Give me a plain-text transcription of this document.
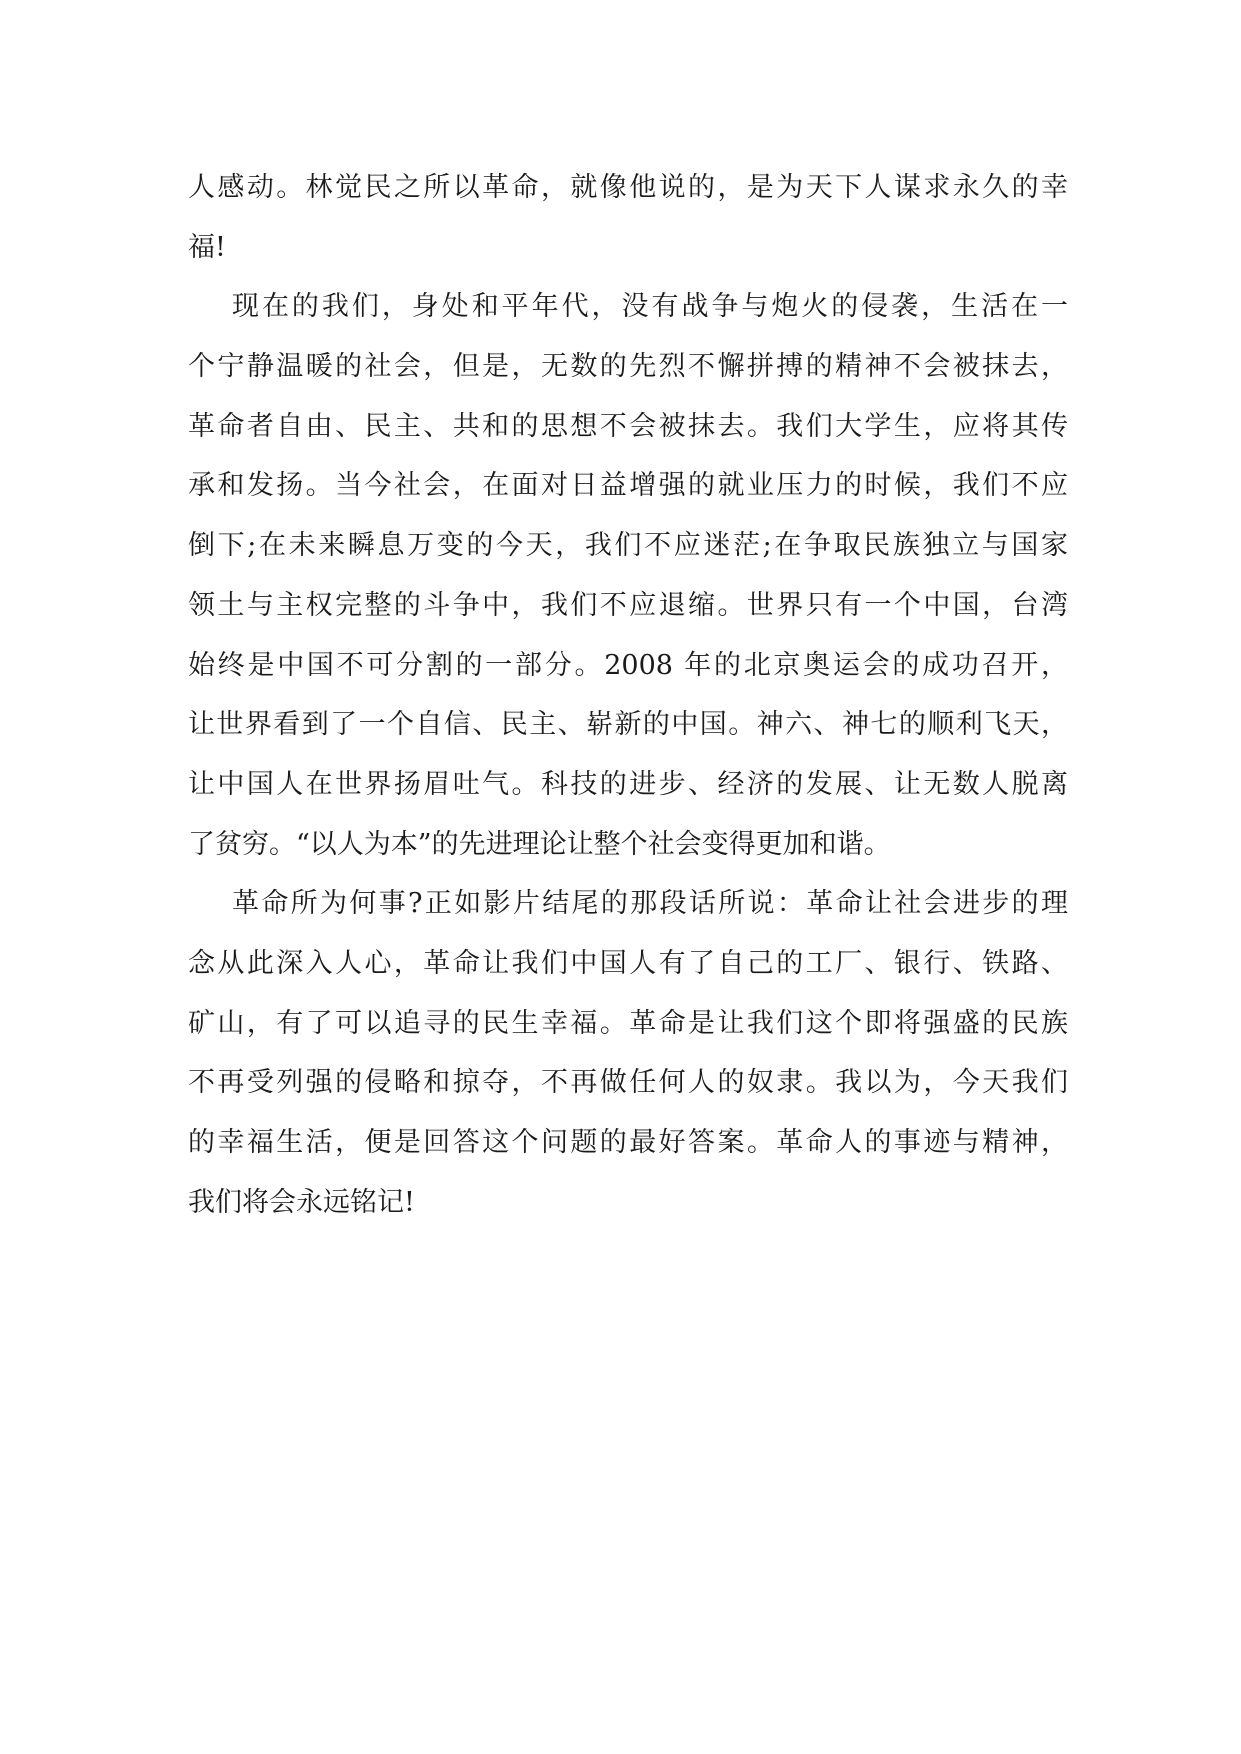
人感动。林觉民之所以革命，就像他说的，是为天下人谋求永久的幸
福!
现在的我们，身处和平年代，没有战争与炮火的侵袭，生活在一
个宁静温暖的社会，但是，无数的先烈不懈拼搏的精神不会被抹去，
革命者自由、民主、共和的思想不会被抹去。我们大学生，应将其传
承和发扬。当今社会，在面对日益增强的就业压力的时候，我们不应
倒下;在未来瞬息万变的今天，我们不应迷茫;在争取民族独立与国家
领土与主权完整的斗争中，我们不应退缩。世界只有一个中国，台湾
始终是中国不可分割的一部分。2008 年的北京奥运会的成功召开，
让世界看到了一个自信、民主、崭新的中国。神六、神七的顺利飞天，
让中国人在世界扬眉吐气。科技的进步、经济的发展、让无数人脱离
了贫穷。“以人为本”的先进理论让整个社会变得更加和谐。
革命所为何事?正如影片结尾的那段话所说：革命让社会进步的理
念从此深入人心，革命让我们中国人有了自己的工厂、银行、铁路、
矿山，有了可以追寻的民生幸福。革命是让我们这个即将强盛的民族
不再受列强的侵略和掠夺，不再做任何人的奴隶。我以为，今天我们
的幸福生活，便是回答这个问题的最好答案。革命人的事迹与精神，
我们将会永远铭记!
